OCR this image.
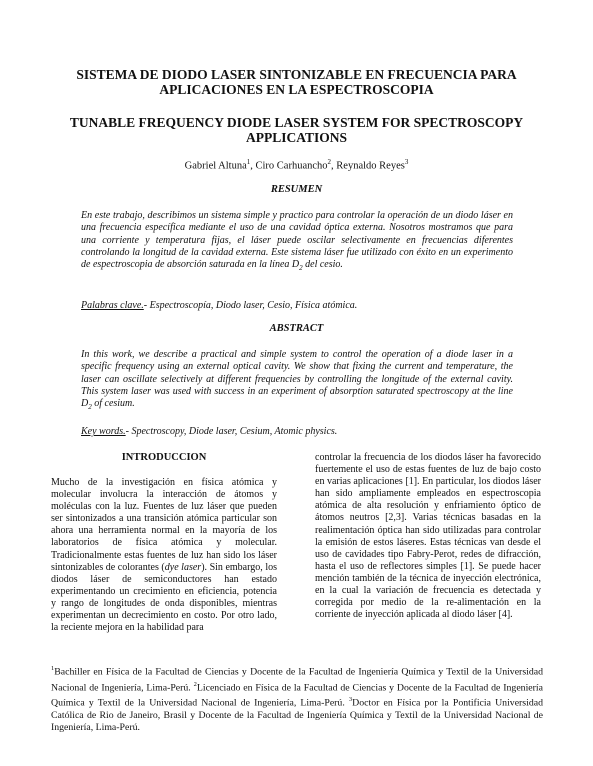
SISTEMA DE DIODO LASER SINTONIZABLE EN FRECUENCIA PARA APLICACIONES EN LA ESPECTROSCOPIA
TUNABLE FREQUENCY DIODE LASER SYSTEM FOR SPECTROSCOPY APPLICATIONS
Gabriel Altuna$^1$, Ciro Carhuancho$^2$, Reynaldo Reyes$^3$
RESUMEN

En este trabajo, describimos un sistema simple y practico para controlar la operación de un diodo láser en una frecuencia específica mediante el uso de una cavidad óptica externa. Nosotros mostramos que para una corriente y temperatura fijas, el láser puede oscilar selectivamente en frecuencias diferentes controlando la longitud de la cavidad externa. Este sistema láser fue utilizado con éxito en un experimento de espectroscopia de absorción saturada en la línea $D_2$ del cesio.

Palabras clave.- Espectroscopía, Diodo laser, Cesio, Física atómica.
ABSTRACT

In this work, we describe a practical and simple system to control the operation of a diode laser in a specific frequency using an external optical cavity. We show that fixing the current and temperature, the laser can oscillate selectively at different frequencies by controlling the longitude of the external cavity. This system laser was used with success in an experiment of absorption saturated spectroscopy at the line $D_2$ of cesium.

Key words.- Spectroscopy, Diode laser, Cesium, Atomic physics.
INTRODUCCION

Mucho de la investigación en física atómica y molecular involucra la interacción de átomos y moléculas con la luz. Fuentes de luz láser que pueden ser sintonizados a una transición atómica particular son ahora una herramienta normal en la mayoría de los laboratorios de física atómica y molecular. Tradicionalmente estas fuentes de luz han sido los láser sintonizables de colorantes (dye laser). Sin embargo, los diodos láser de semiconductores han estado experimentando un crecimiento en eficiencia, potencia y rango de longitudes de onda disponibles, mientras experimentan un decrecimiento en costo. Por otro lado, la reciente mejora en la habilidad para

controlar la frecuencia de los diodos láser ha favorecido fuertemente el uso de estas fuentes de luz de bajo costo en varias aplicaciones [1]. En particular, los diodos láser han sido ampliamente empleados en espectroscopia atómica de alta resolución y enfriamiento óptico de átomos neutros [2,3]. Varias técnicas basadas en la realimentación óptica han sido utilizadas para controlar la emisión de estos láseres. Estas técnicas van desde el uso de cavidades tipo Fabry-Perot, redes de difracción, hasta el uso de reflectores simples [1]. Se puede hacer mención también de la técnica de inyección electrónica, en la cual la variación de frecuencia es detectada y corregida por medio de la re-alimentación en la corriente de inyección aplicada al diodo láser [4].

$^1$Bachiller en Física de la Facultad de Ciencias y Docente de la Facultad de Ingeniería Química y Textil de la Universidad Nacional de Ingeniería, Lima-Perú. $^2$Licenciado en Física de la Facultad de Ciencias y Docente de la Facultad de Ingeniería Química y Textil de la Universidad Nacional de Ingeniería, Lima-Perú. $^3$Doctor en Física por la Pontificia Universidad Católica de Rio de Janeiro, Brasil y Docente de la Facultad de Ingeniería Química y Textil de la Universidad Nacional de Ingeniería, Lima-Perú.
